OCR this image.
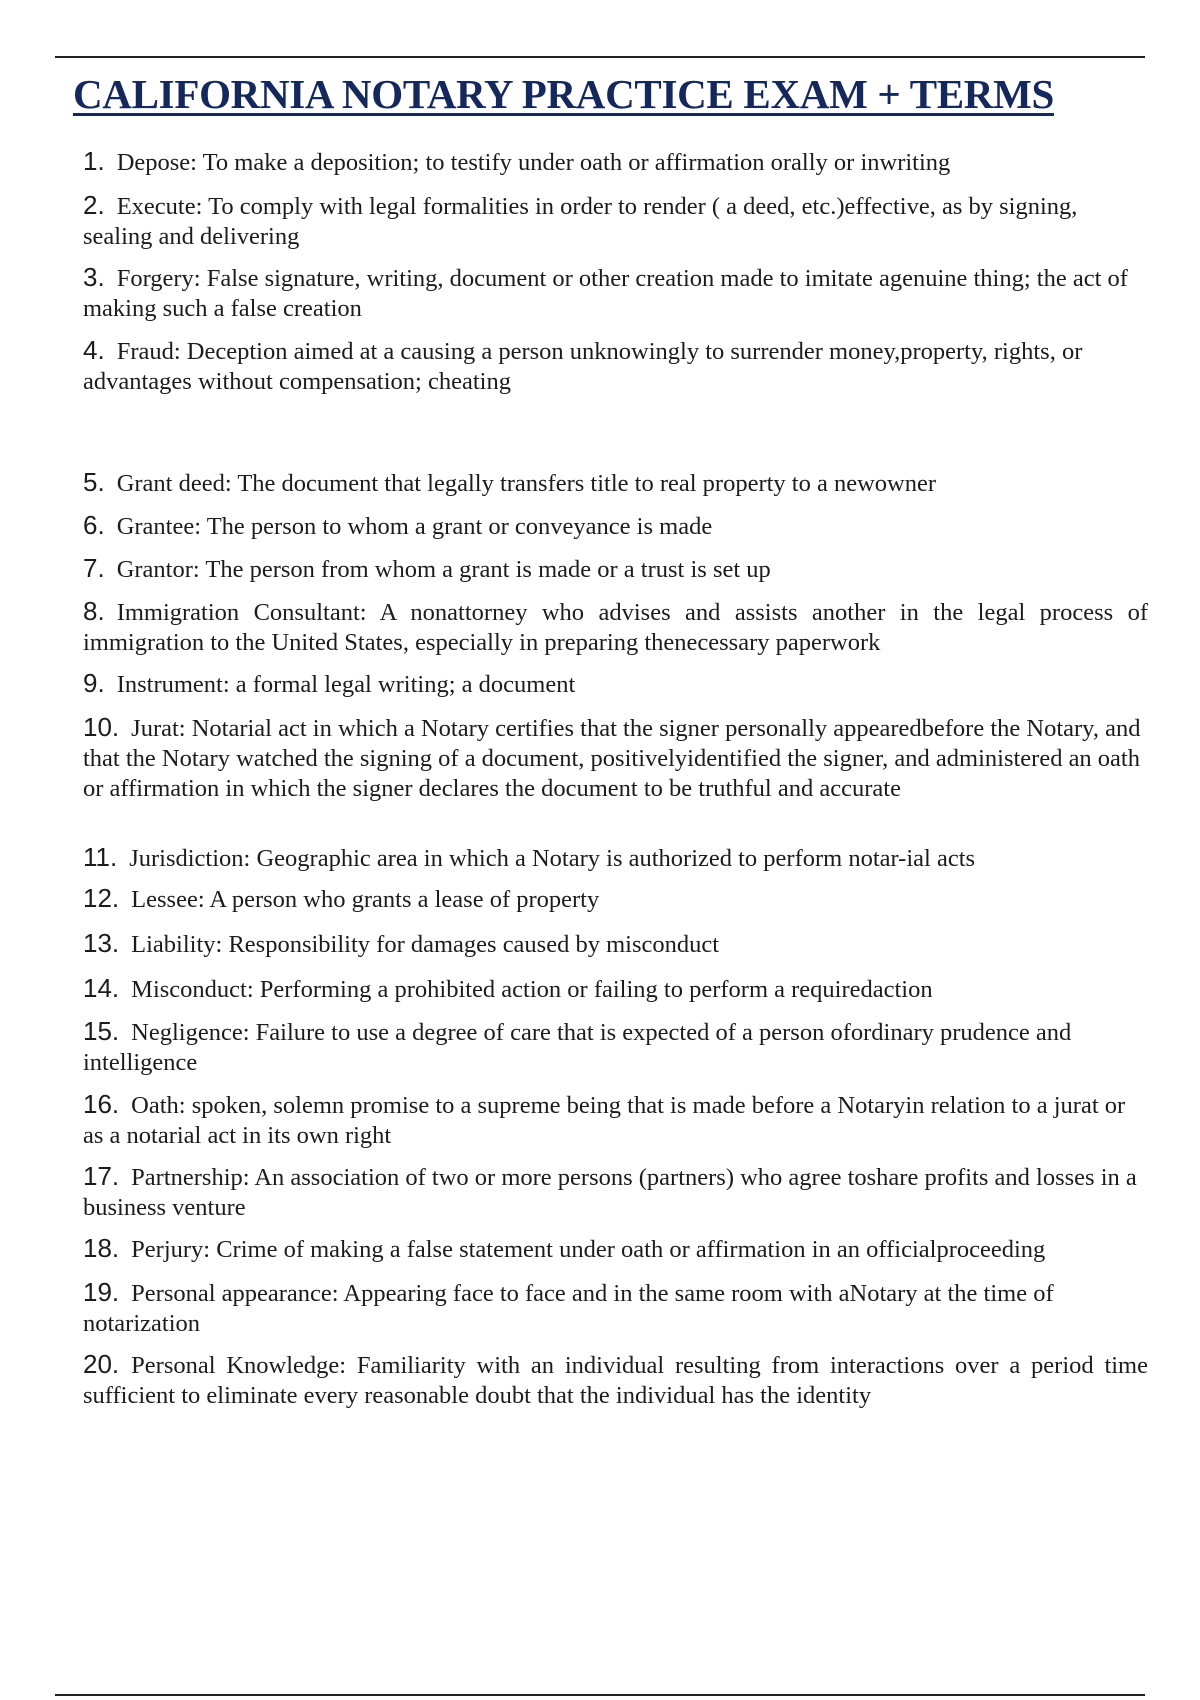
CALIFORNIA NOTARY PRACTICE EXAM + TERMS
1. Depose: To make a deposition; to testify under oath or affirmation orally or inwriting
2. Execute: To comply with legal formalities in order to render ( a deed, etc.)effective, as by signing, sealing and delivering
3. Forgery: False signature, writing, document or other creation made to imitate agenuine thing; the act of making such a false creation
4. Fraud: Deception aimed at a causing a person unknowingly to surrender money,property, rights, or advantages without compensation; cheating
5. Grant deed: The document that legally transfers title to real property to a newowner
6. Grantee: The person to whom a grant or conveyance is made
7. Grantor: The person from whom a grant is made or a trust is set up
8. Immigration Consultant: A nonattorney who advises and assists another in the legal process of immigration to the United States, especially in preparing thenecessary paperwork
9. Instrument: a formal legal writing; a document
10. Jurat: Notarial act in which a Notary certifies that the signer personally appearedbefore the Notary, and that the Notary watched the signing of a document, positivelyidentified the signer, and administered an oath or affirmation in which the signer declares the document to be truthful and accurate
11. Jurisdiction: Geographic area in which a Notary is authorized to perform notar-ial acts
12. Lessee: A person who grants a lease of property
13. Liability: Responsibility for damages caused by misconduct
14. Misconduct: Performing a prohibited action or failing to perform a requiredaction
15. Negligence: Failure to use a degree of care that is expected of a person ofordinary prudence and intelligence
16. Oath: spoken, solemn promise to a supreme being that is made before a Notaryin relation to a jurat or as a notarial act in its own right
17. Partnership: An association of two or more persons (partners) who agree toshare profits and losses in a business venture
18. Perjury: Crime of making a false statement under oath or affirmation in an officialproceeding
19. Personal appearance: Appearing face to face and in the same room with aNotary at the time of notarization
20. Personal Knowledge: Familiarity with an individual resulting from interactions over a period time sufficient to eliminate every reasonable doubt that the individual has the identity
